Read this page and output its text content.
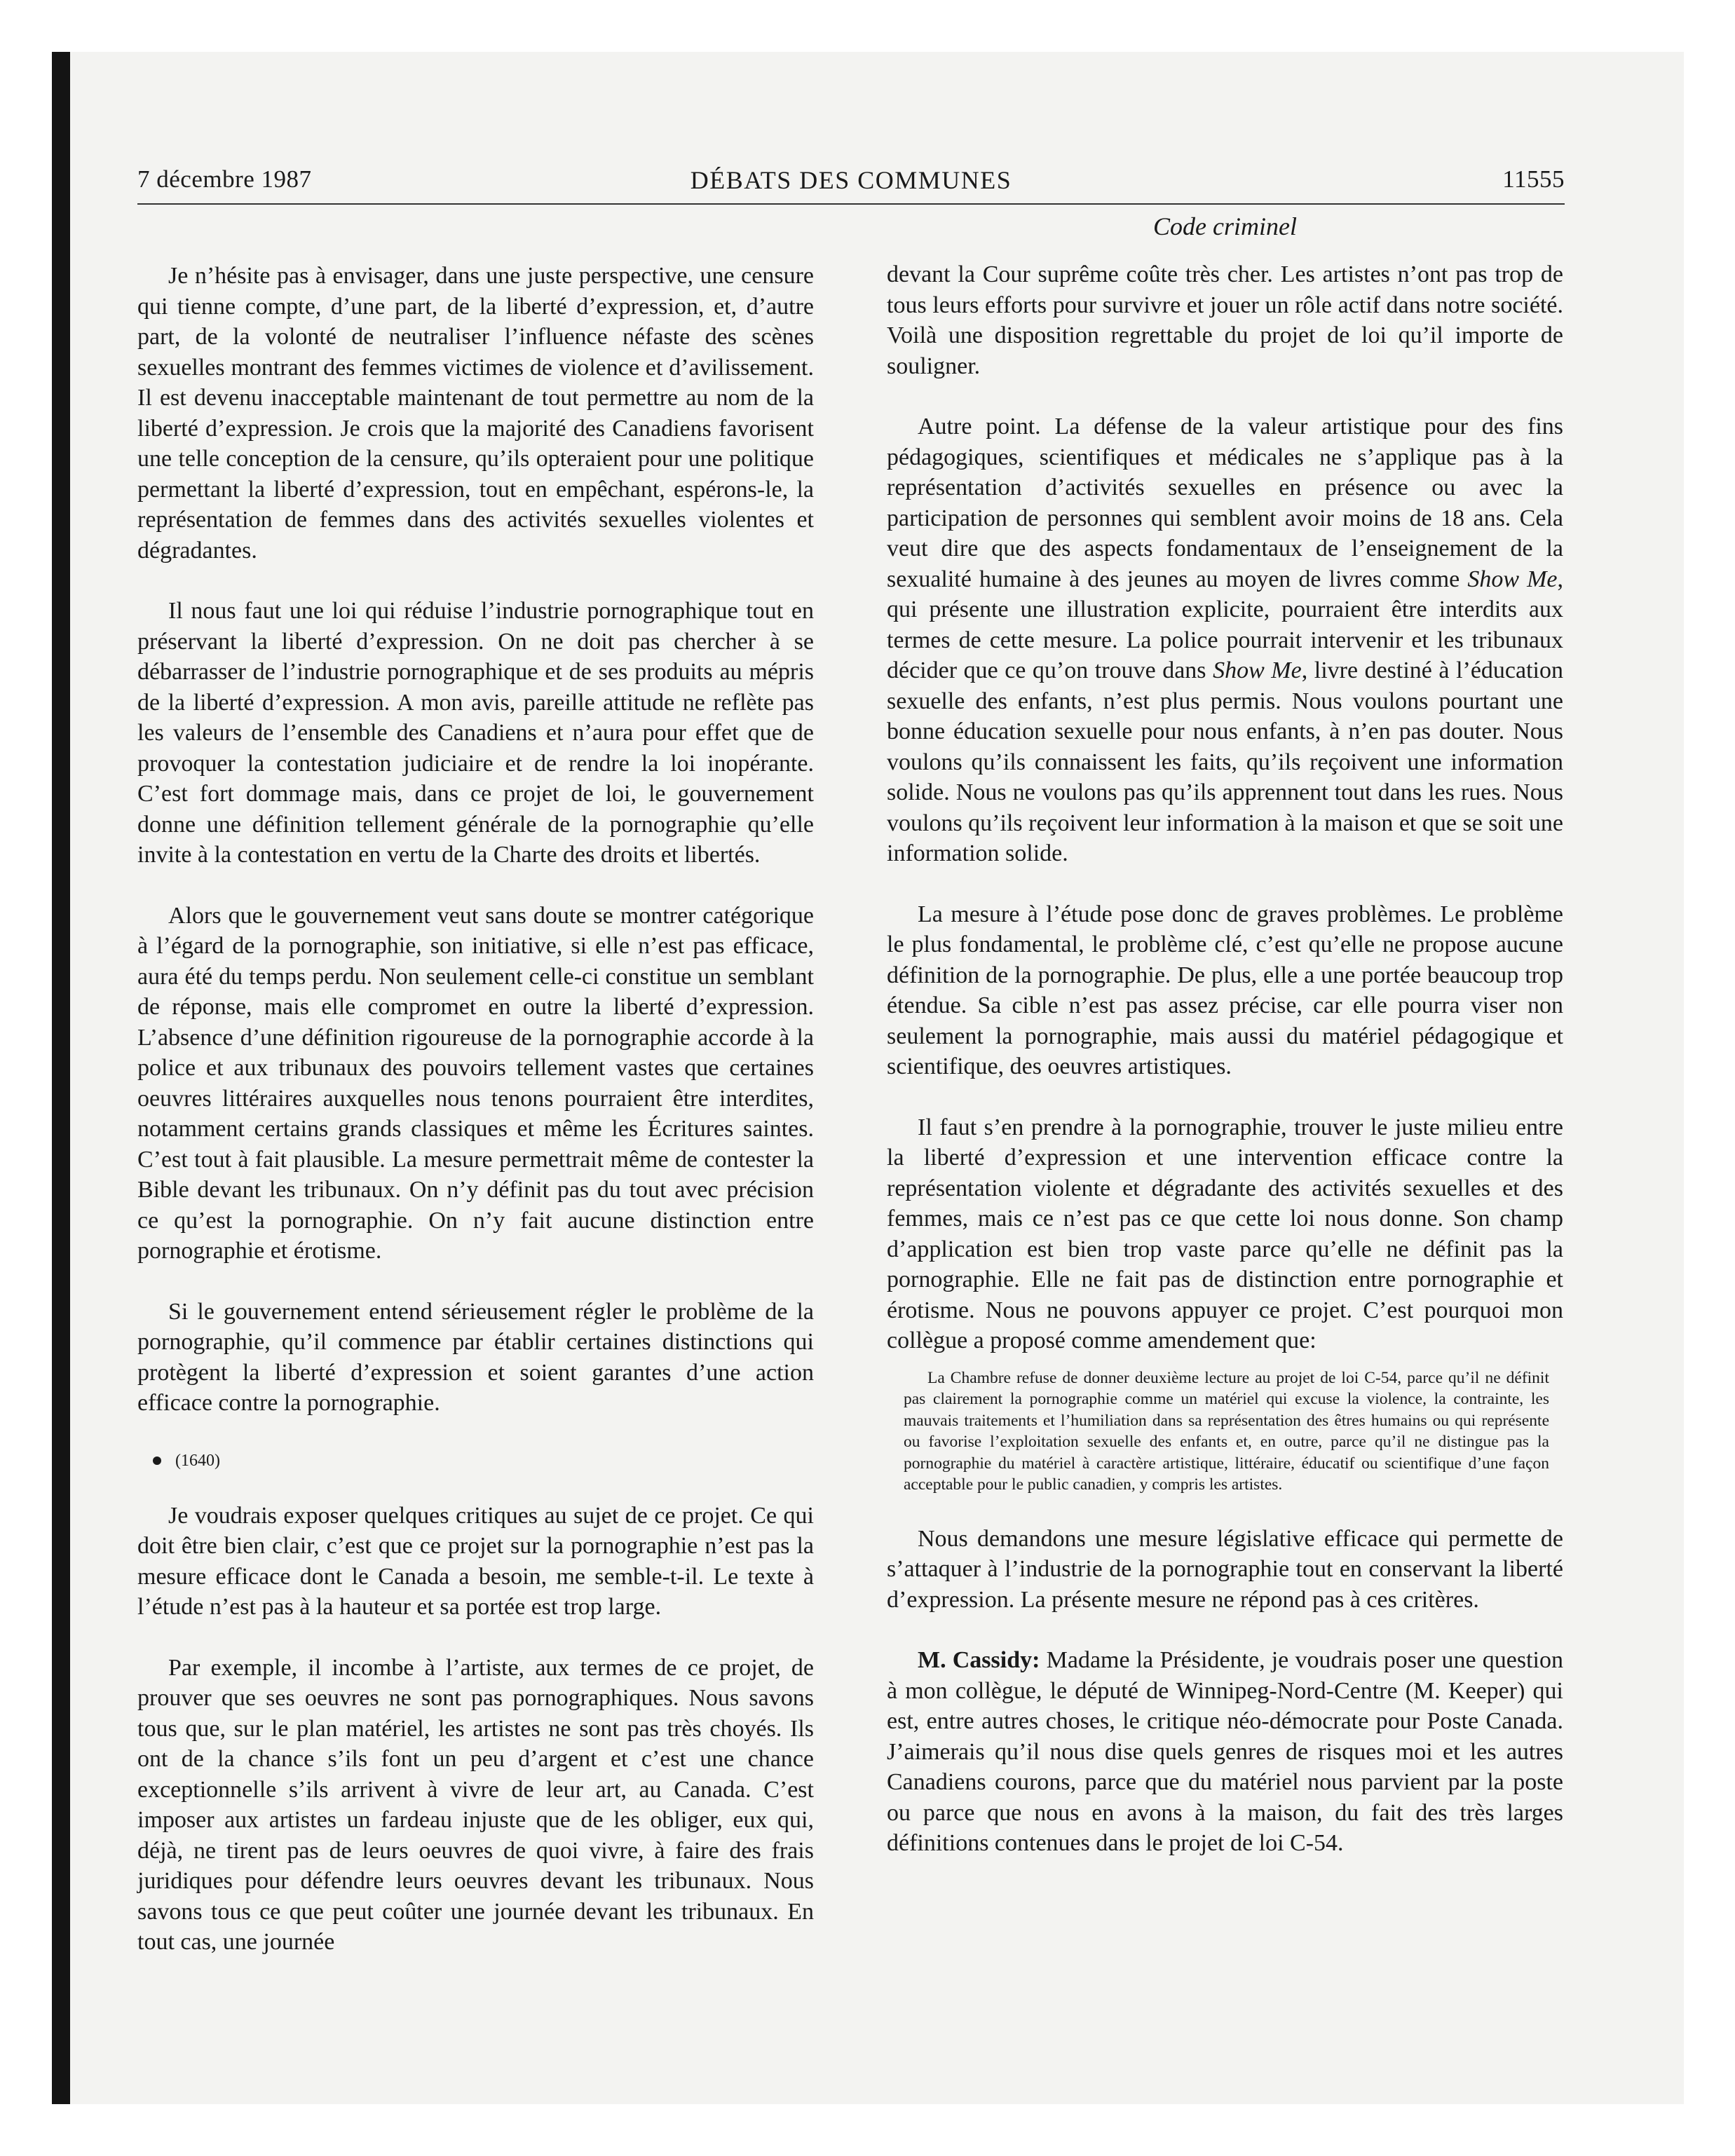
7 décembre 1987	DÉBATS DES COMMUNES	11555
Code criminel

Je n’hésite pas à envisager, dans une juste perspective, une censure qui tienne compte, d’une part, de la liberté d’expression, et, d’autre part, de la volonté de neutraliser l’influence néfaste des scènes sexuelles montrant des femmes victimes de violence et d’avilissement. Il est devenu inacceptable maintenant de tout permettre au nom de la liberté d’expression. Je crois que la majorité des Canadiens favorisent une telle conception de la censure, qu’ils opteraient pour une politique permettant la liberté d’expression, tout en empêchant, espérons-le, la représentation de femmes dans des activités sexuelles violentes et dégradantes.

Il nous faut une loi qui réduise l’industrie pornographique tout en préservant la liberté d’expression. On ne doit pas chercher à se débarrasser de l’industrie pornographique et de ses produits au mépris de la liberté d’expression. A mon avis, pareille attitude ne reflète pas les valeurs de l’ensemble des Canadiens et n’aura pour effet que de provoquer la contestation judiciaire et de rendre la loi inopérante. C’est fort dommage mais, dans ce projet de loi, le gouvernement donne une définition tellement générale de la pornographie qu’elle invite à la contestation en vertu de la Charte des droits et libertés.

Alors que le gouvernement veut sans doute se montrer catégorique à l’égard de la pornographie, son initiative, si elle n’est pas efficace, aura été du temps perdu. Non seulement celle-ci constitue un semblant de réponse, mais elle compromet en outre la liberté d’expression. L’absence d’une définition rigoureuse de la pornographie accorde à la police et aux tribunaux des pouvoirs tellement vastes que certaines oeuvres littéraires auxquelles nous tenons pourraient être interdites, notamment certains grands classiques et même les Écritures saintes. C’est tout à fait plausible. La mesure permettrait même de contester la Bible devant les tribunaux. On n’y définit pas du tout avec précision ce qu’est la pornographie. On n’y fait aucune distinction entre pornographie et érotisme.

Si le gouvernement entend sérieusement régler le problème de la pornographie, qu’il commence par établir certaines distinctions qui protègent la liberté d’expression et soient garantes d’une action efficace contre la pornographie.

(1640)

Je voudrais exposer quelques critiques au sujet de ce projet. Ce qui doit être bien clair, c’est que ce projet sur la pornographie n’est pas la mesure efficace dont le Canada a besoin, me semble-t-il. Le texte à l’étude n’est pas à la hauteur et sa portée est trop large.

Par exemple, il incombe à l’artiste, aux termes de ce projet, de prouver que ses oeuvres ne sont pas pornographiques. Nous savons tous que, sur le plan matériel, les artistes ne sont pas très choyés. Ils ont de la chance s’ils font un peu d’argent et c’est une chance exceptionnelle s’ils arrivent à vivre de leur art, au Canada. C’est imposer aux artistes un fardeau injuste que de les obliger, eux qui, déjà, ne tirent pas de leurs oeuvres de quoi vivre, à faire des frais juridiques pour défendre leurs oeuvres devant les tribunaux. Nous savons tous ce que peut coûter une journée devant les tribunaux. En tout cas, une journée

devant la Cour suprême coûte très cher. Les artistes n’ont pas trop de tous leurs efforts pour survivre et jouer un rôle actif dans notre société. Voilà une disposition regrettable du projet de loi qu’il importe de souligner.

Autre point. La défense de la valeur artistique pour des fins pédagogiques, scientifiques et médicales ne s’applique pas à la représentation d’activités sexuelles en présence ou avec la participation de personnes qui semblent avoir moins de 18 ans. Cela veut dire que des aspects fondamentaux de l’enseignement de la sexualité humaine à des jeunes au moyen de livres comme Show Me, qui présente une illustration explicite, pourraient être interdits aux termes de cette mesure. La police pourrait intervenir et les tribunaux décider que ce qu’on trouve dans Show Me, livre destiné à l’éducation sexuelle des enfants, n’est plus permis. Nous voulons pourtant une bonne éducation sexuelle pour nous enfants, à n’en pas douter. Nous voulons qu’ils connaissent les faits, qu’ils reçoivent une information solide. Nous ne voulons pas qu’ils apprennent tout dans les rues. Nous voulons qu’ils reçoivent leur information à la maison et que se soit une information solide.

La mesure à l’étude pose donc de graves problèmes. Le problème le plus fondamental, le problème clé, c’est qu’elle ne propose aucune définition de la pornographie. De plus, elle a une portée beaucoup trop étendue. Sa cible n’est pas assez précise, car elle pourra viser non seulement la pornographie, mais aussi du matériel pédagogique et scientifique, des oeuvres artistiques.

Il faut s’en prendre à la pornographie, trouver le juste milieu entre la liberté d’expression et une intervention efficace contre la représentation violente et dégradante des activités sexuelles et des femmes, mais ce n’est pas ce que cette loi nous donne. Son champ d’application est bien trop vaste parce qu’elle ne définit pas la pornographie. Elle ne fait pas de distinction entre pornographie et érotisme. Nous ne pouvons appuyer ce projet. C’est pourquoi mon collègue a proposé comme amendement que:

La Chambre refuse de donner deuxième lecture au projet de loi C-54, parce qu’il ne définit pas clairement la pornographie comme un matériel qui excuse la violence, la contrainte, les mauvais traitements et l’humiliation dans sa représentation des êtres humains ou qui représente ou favorise l’exploitation sexuelle des enfants et, en outre, parce qu’il ne distingue pas la pornographie du matériel à caractère artistique, littéraire, éducatif ou scientifique d’une façon acceptable pour le public canadien, y compris les artistes.

Nous demandons une mesure législative efficace qui permette de s’attaquer à l’industrie de la pornographie tout en conservant la liberté d’expression. La présente mesure ne répond pas à ces critères.

M. Cassidy: Madame la Présidente, je voudrais poser une question à mon collègue, le député de Winnipeg-Nord-Centre (M. Keeper) qui est, entre autres choses, le critique néo-démocrate pour Poste Canada. J’aimerais qu’il nous dise quels genres de risques moi et les autres Canadiens courons, parce que du matériel nous parvient par la poste ou parce que nous en avons à la maison, du fait des très larges définitions contenues dans le projet de loi C-54.
